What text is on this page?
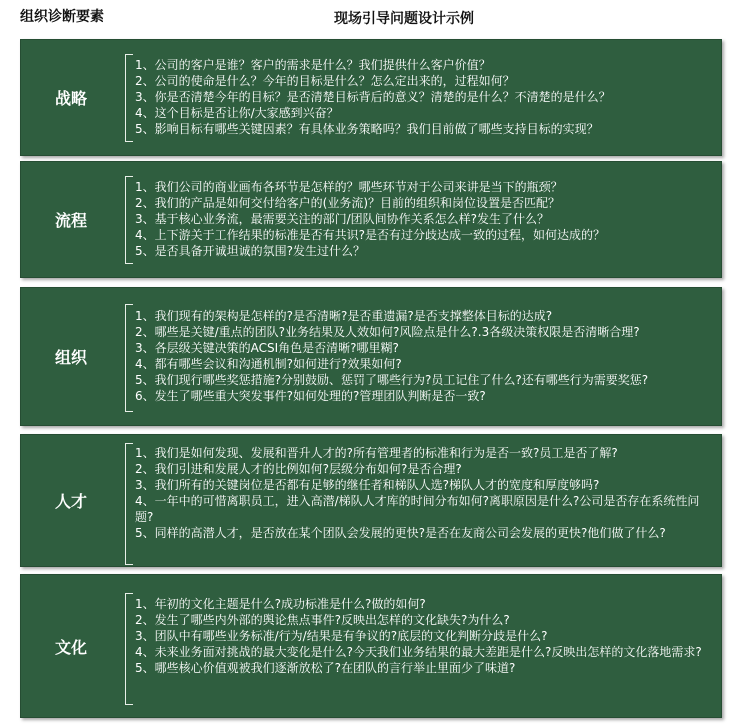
组织诊断要素	现场引导问题设计示例
战略
1、公司的客户是谁？客户的需求是什么？我们提供什么客户价值？
2、公司的使命是什么？今年的目标是什么？怎么定出来的，过程如何？
3、你是否清楚今年的目标？是否清楚目标背后的意义？清楚的是什么？不清楚的是什么？
4、这个目标是否让你/大家感到兴奋？
5、影响目标有哪些关键因素？有具体业务策略吗？我们目前做了哪些支持目标的实现？
流程
1、我们公司的商业画布各环节是怎样的？哪些环节对于公司来讲是当下的瓶颈？
2、我们的产品是如何交付给客户的(业务流)？目前的组织和岗位设置是否匹配？
3、基于核心业务流，最需要关注的部门/团队间协作关系怎么样?发生了什么？
4、上下游关于工作结果的标准是否有共识?是否有过分歧达成一致的过程，如何达成的？
5、是否具备开诚坦诚的氛围?发生过什么？
组织
1、我们现有的架构是怎样的?是否清晰?是否重遗漏?是否支撑整体目标的达成?
2、哪些是关键/重点的团队?业务结果及人效如何?风险点是什么?.3各级决策权限是否清晰合理?
3、各层级关键决策的ACSI角色是否清晰?哪里糊?
4、都有哪些会议和沟通机制?如何进行?效果如何?
5、我们现行哪些奖惩措施?分别鼓励、惩罚了哪些行为?员工记住了什么?还有哪些行为需要奖惩?
6、发生了哪些重大突发事件?如何处理的?管理团队判断是否一致?
人才
1、我们是如何发现、发展和晋升人才的?所有管理者的标准和行为是否一致?员工是否了解?
2、我们引进和发展人才的比例如何?层级分布如何?是否合理?
3、我们所有的关键岗位是否都有足够的继任者和梯队人选?梯队人才的宽度和厚度够吗?
4、一年中的可惜离职员工，进入高潜/梯队人才库的时间分布如何?离职原因是什么?公司是否存在系统性问题?
5、同样的高潜人才，是否放在某个团队会发展的更快?是否在友商公司会发展的更快?他们做了什么?
文化
1、年初的文化主题是什么?成功标准是什么?做的如何?
2、发生了哪些内外部的舆论焦点事件?反映出怎样的文化缺失?为什么?
3、团队中有哪些业务标准/行为/结果是有争议的?底层的文化判断分歧是什么?
4、未来业务面对挑战的最大变化是什么?今天我们业务结果的最大差距是什么?反映出怎样的文化落地需求?
5、哪些核心价值观被我们逐渐放松了?在团队的言行举止里面少了味道?
